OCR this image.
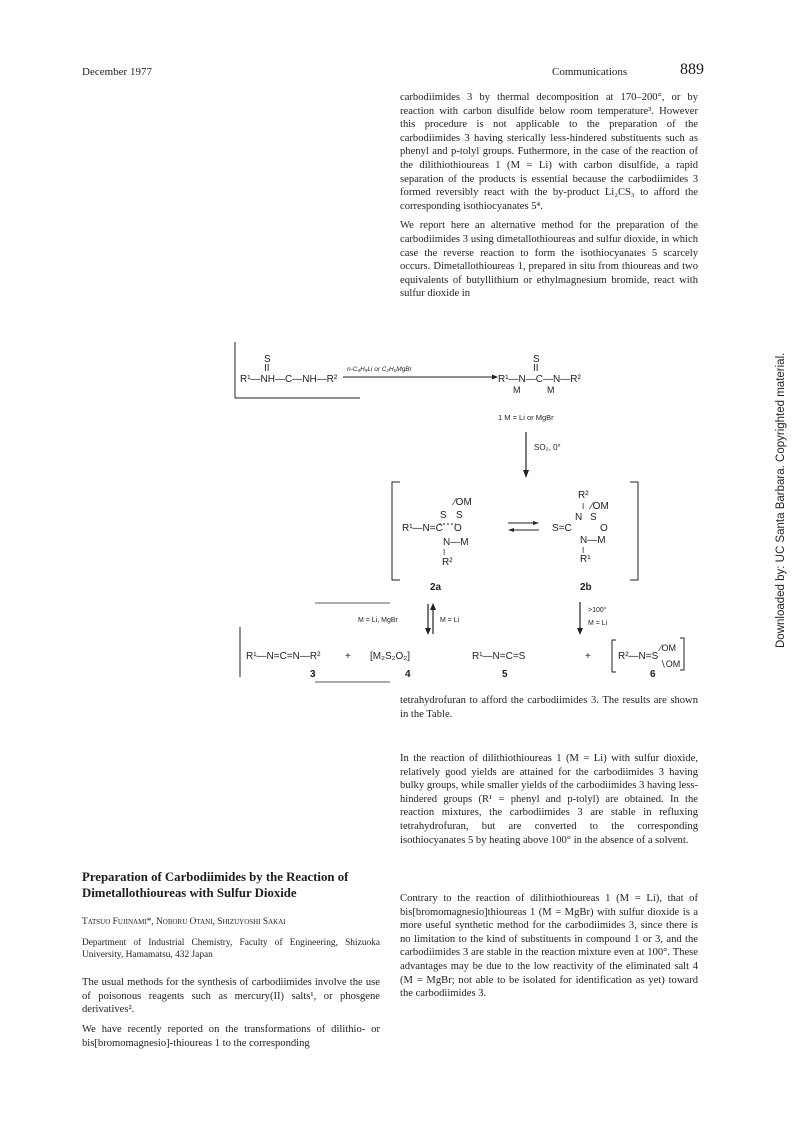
December 1977	Communications	889

carbodiimides 3 by thermal decomposition at 170–200°, or by reaction with carbon disulfide below room temperature³. However this procedure is not applicable to the preparation of the carbodiimides 3 having sterically less-hindered substituents such as phenyl and p-tolyl groups. Futhermore, in the case of the reaction of the dilithiothioureas 1 (M = Li) with carbon disulfide, a rapid separation of the products is essential because the carbodiimides 3 formed reversibly react with the by-product Li₂CS₃ to afford the corresponding isothiocyanates 5⁴.

We report here an alternative method for the preparation of the carbodiimides 3 using dimetallothioureas and sulfur dioxide, in which case the reverse reaction to form the isothiocyanates 5 scarcely occurs. Dimetallothioureas 1, prepared in situ from thioureas and two equivalents of butyllithium or ethylmagnesium bromide, react with sulfur dioxide in

S
II
R¹—NH—C—NH—R²
n-C₄H₉Li or C₂H₅MgBr
S
II
R¹—N—C—N—R²
M	M
1 M = Li or MgBr
SO₂, 0°
⁄OM
S S
R¹—N=C O
N—M
I
R²
R²
I ⁄OM
N S
S=C	O
N—M
I
R¹
2a	2b
M = Li, MgBr	M = Li
>100°
M = Li
R¹—N=C=N—R² + [M₂S₂O₂]	R¹—N=C=S	+	R²—N=S
⁄OM
∖OM
3	4	5	6
tetrahydrofuran to afford the carbodiimides 3. The results are shown in the Table.
In the reaction of dilithiothioureas 1 (M = Li) with sulfur dioxide, relatively good yields are attained for the carbodiimides 3 having bulky groups, while smaller yields of the carbodiimides 3 having less-hindered groups (R¹ = phenyl and p-tolyl) are obtained. In the reaction mixtures, the carbodiimides 3 are stable in refluxing tetrahydrofuran, but are converted to the corresponding isothiocyanates 5 by heating above 100° in the absence of a solvent.
Contrary to the reaction of dilithiothioureas 1 (M = Li), that of bis[bromomagnesio]thioureas 1 (M = MgBr) with sulfur dioxide is a more useful synthetic method for the carbodiimides 3, since there is no limitation to the kind of substituents in compound 1 or 3, and the carbodiimides 3 are stable in the reaction mixture even at 100°. These advantages may be due to the low reactivity of the eliminated salt 4 (M = MgBr; not able to be isolated for identification as yet) toward the carbodiimides 3.
Preparation of Carbodiimides by the Reaction of Dimetallothioureas with Sulfur Dioxide
Tatsuo Fujinami*, Noboru Otani, Shizuyoshi Sakai
Department of Industrial Chemistry, Faculty of Engineering, Shizuoka University, Hamamatsu, 432 Japan
The usual methods for the synthesis of carbodiimides involve the use of poisonous reagents such as mercury(II) salts¹, or phosgene derivatives².
We have recently reported on the transformations of dilithio- or bis[bromomagnesio]-thioureas 1 to the corresponding
Downloaded by: UC Santa Barbara. Copyrighted material.
